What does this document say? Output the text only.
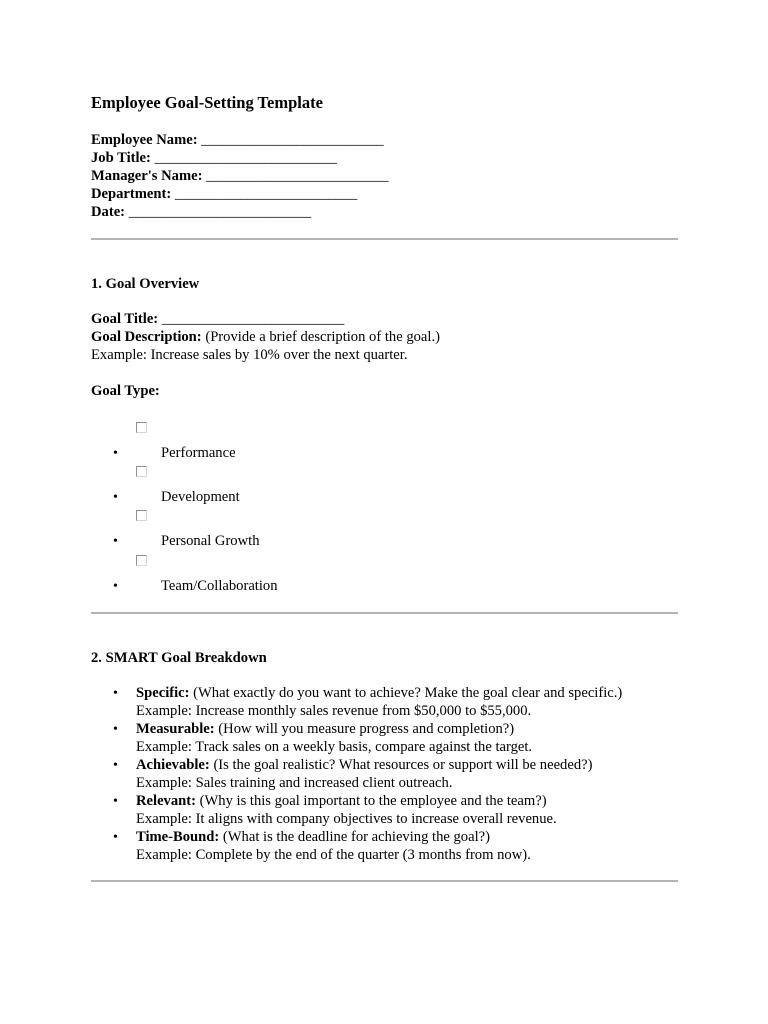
Employee Goal-Setting Template
Employee Name: _________________________
Job Title: _________________________
Manager's Name: _________________________
Department: _________________________
Date: _________________________
1. Goal Overview
Goal Title: _________________________
Goal Description: (Provide a brief description of the goal.)
Example: Increase sales by 10% over the next quarter.
Goal Type:
•	Performance
•	Development
•	Personal Growth
•	Team/Collaboration
2. SMART Goal Breakdown
• Specific: (What exactly do you want to achieve? Make the goal clear and specific.)
Example: Increase monthly sales revenue from $50,000 to $55,000.
• Measurable: (How will you measure progress and completion?)
Example: Track sales on a weekly basis, compare against the target.
• Achievable: (Is the goal realistic? What resources or support will be needed?)
Example: Sales training and increased client outreach.
• Relevant: (Why is this goal important to the employee and the team?)
Example: It aligns with company objectives to increase overall revenue.
• Time-Bound: (What is the deadline for achieving the goal?)
Example: Complete by the end of the quarter (3 months from now).
